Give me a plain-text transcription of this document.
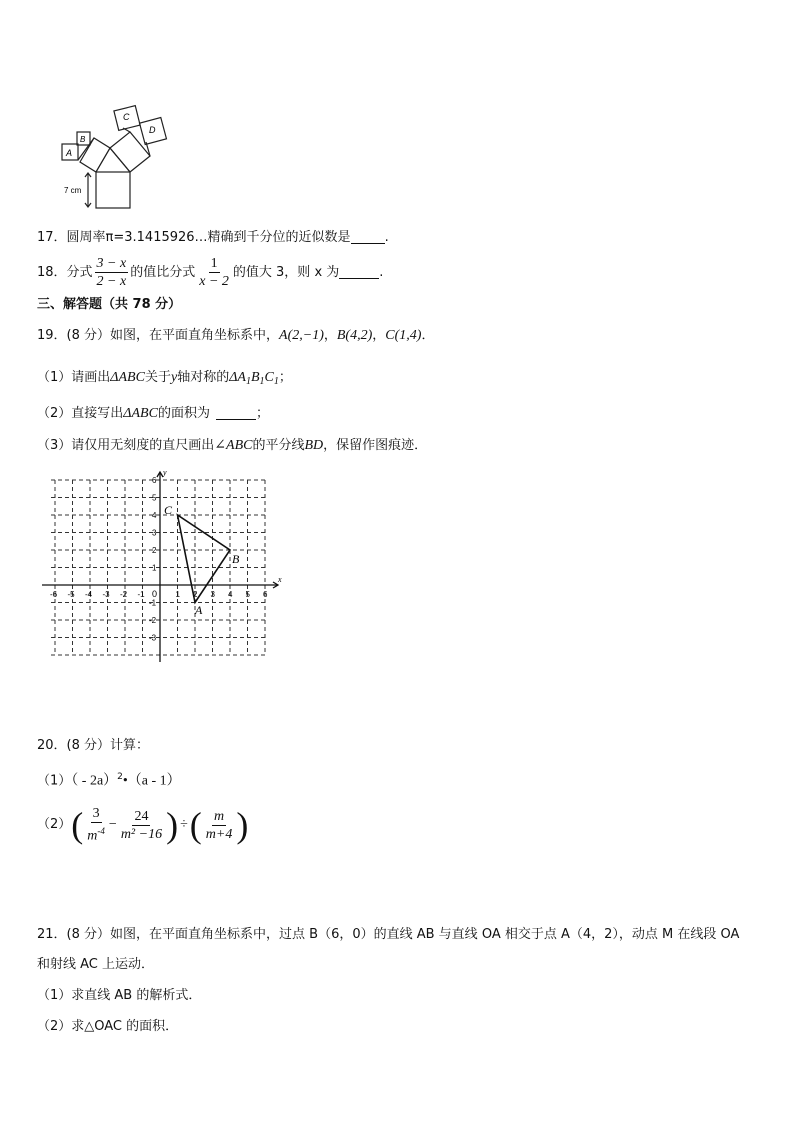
A
B
C
D
7 cm
17．圆周率π=3.1415926…精确到千分位的近似数是	.
18．分式 $\frac{3 - x}{2 - x}$ 的值比分式 $\frac{1}{x - 2}$ 的值大 3，则 x 为	.
三、解答题（共 78 分）
19．(8 分）如图，在平面直角坐标系中，A(2,−1)，B(4,2)，C(1,4)．
（1）请画出ΔABC关于y轴对称的$\Delta A_1B_1C_1$；
（2）直接写出ΔABC的面积为	；
（3）请仅用无刻度的直尺画出∠ABC的平分线BD，保留作图痕迹．
x
y
0
-6 -5 -4 -3 -2 -1	1 2 3 4 5 6
6
5
4
3
2
1
-1
-2
-3
A
B
C
20．(8 分）计算：
（1）（ - 2a）$^2$•（a - 1）
（2） ( $\frac{3}{m^{-4}} - \frac{24}{\text{m² −16}}$ ) ÷ ( $\frac{m}{m+4}$ )
21．(8 分）如图，在平面直角坐标系中，过点 B（6，0）的直线 AB 与直线 OA 相交于点 A（4，2），动点 M 在线段 OA
和射线 AC 上运动．
（1）求直线 AB 的解析式．
（2）求△OAC 的面积．
